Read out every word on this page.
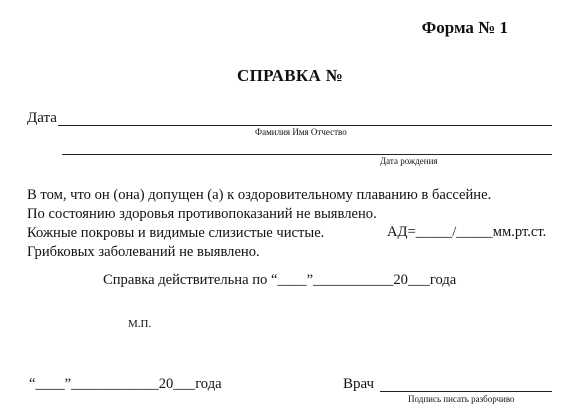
Форма № 1
СПРАВКА №
Дата
Фамилия Имя Отчество
Дата рождения
В том, что он (она) допущен (а) к оздоровительному плаванию в бассейне.
По состоянию здоровья противопоказаний не выявлено.
Кожные покровы и видимые слизистые чистые.
Грибковых заболеваний не выявлено.
АД=_____/_____мм.рт.ст.
Справка действительна по “____”___________20___года
М.П.
“____”____________20___года	Врач
Подпись писать разборчиво
